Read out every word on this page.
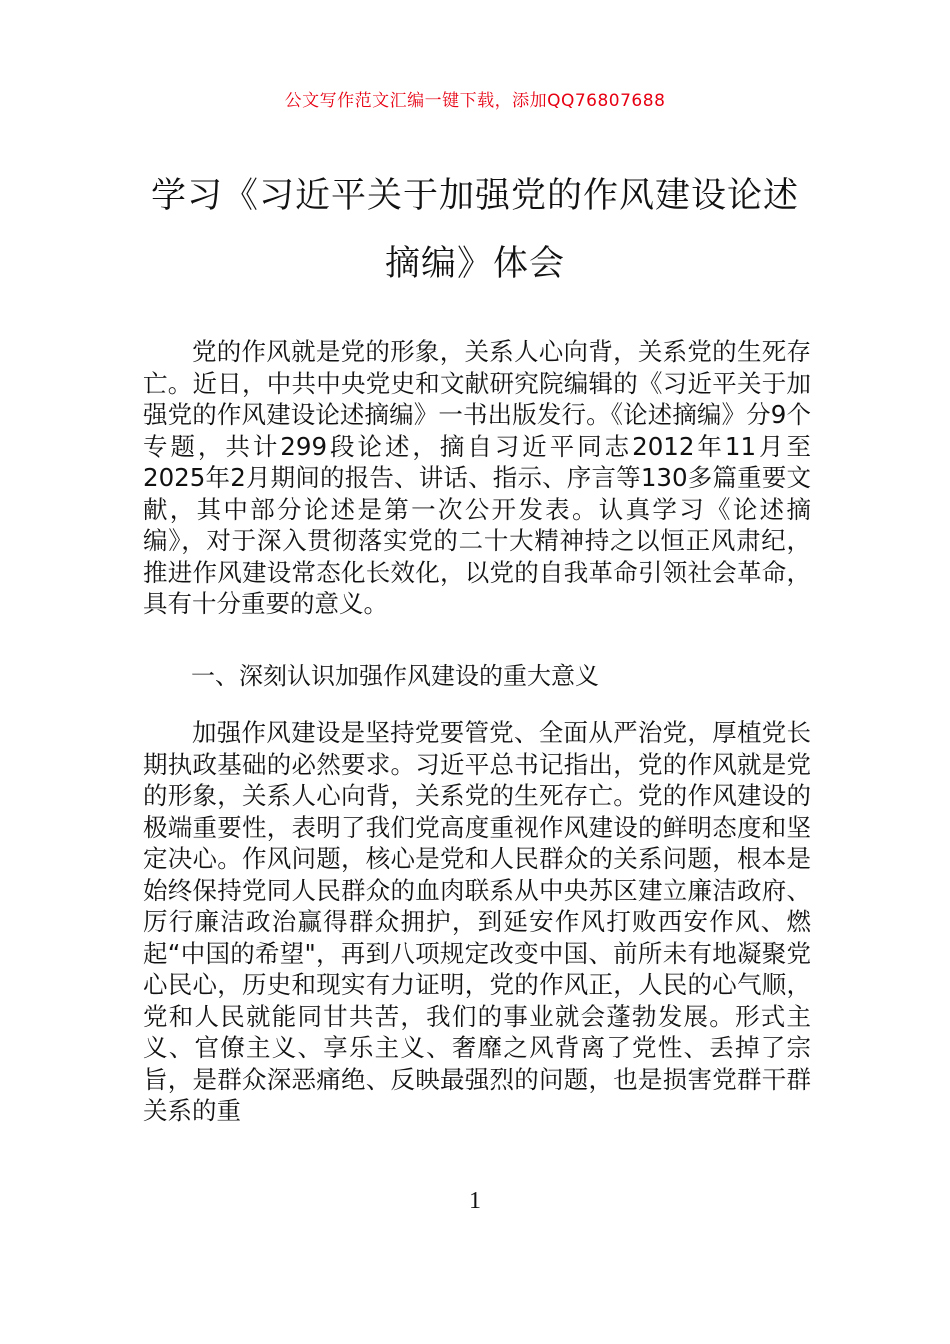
公文写作范文汇编一键下载，添加QQ76807688
学习《习近平关于加强党的作风建设论述
摘编》体会

党的作风就是党的形象，关系人心向背，关系党的生死存亡。近日，中共中央党史和文献研究院编辑的《习近平关于加强党的作风建设论述摘编》一书出版发行。《论述摘编》分9个专题，共计299段论述，摘自习近平同志2012年11月至2025年2月期间的报告、讲话、指示、序言等130多篇重要文献，其中部分论述是第一次公开发表。认真学习《论述摘编》，对于深入贯彻落实党的二十大精神持之以恒正风肃纪，推进作风建设常态化长效化，以党的自我革命引领社会革命，具有十分重要的意义。

一、深刻认识加强作风建设的重大意义

加强作风建设是坚持党要管党、全面从严治党，厚植党长期执政基础的必然要求。习近平总书记指出，党的作风就是党的形象，关系人心向背，关系党的生死存亡。党的作风建设的极端重要性，表明了我们党高度重视作风建设的鲜明态度和坚定决心。作风问题，核心是党和人民群众的关系问题，根本是始终保持党同人民群众的血肉联系从中央苏区建立廉洁政府、厉行廉洁政治赢得群众拥护，到延安作风打败西安作风、燃起“中国的希望"，再到八项规定改变中国、前所未有地凝聚党心民心，历史和现实有力证明，党的作风正，人民的心气顺，党和人民就能同甘共苦，我们的事业就会蓬勃发展。形式主义、官僚主义、享乐主义、奢靡之风背离了党性、丢掉了宗旨，是群众深恶痛绝、反映最强烈的问题，也是损害党群干群关系的重

1
